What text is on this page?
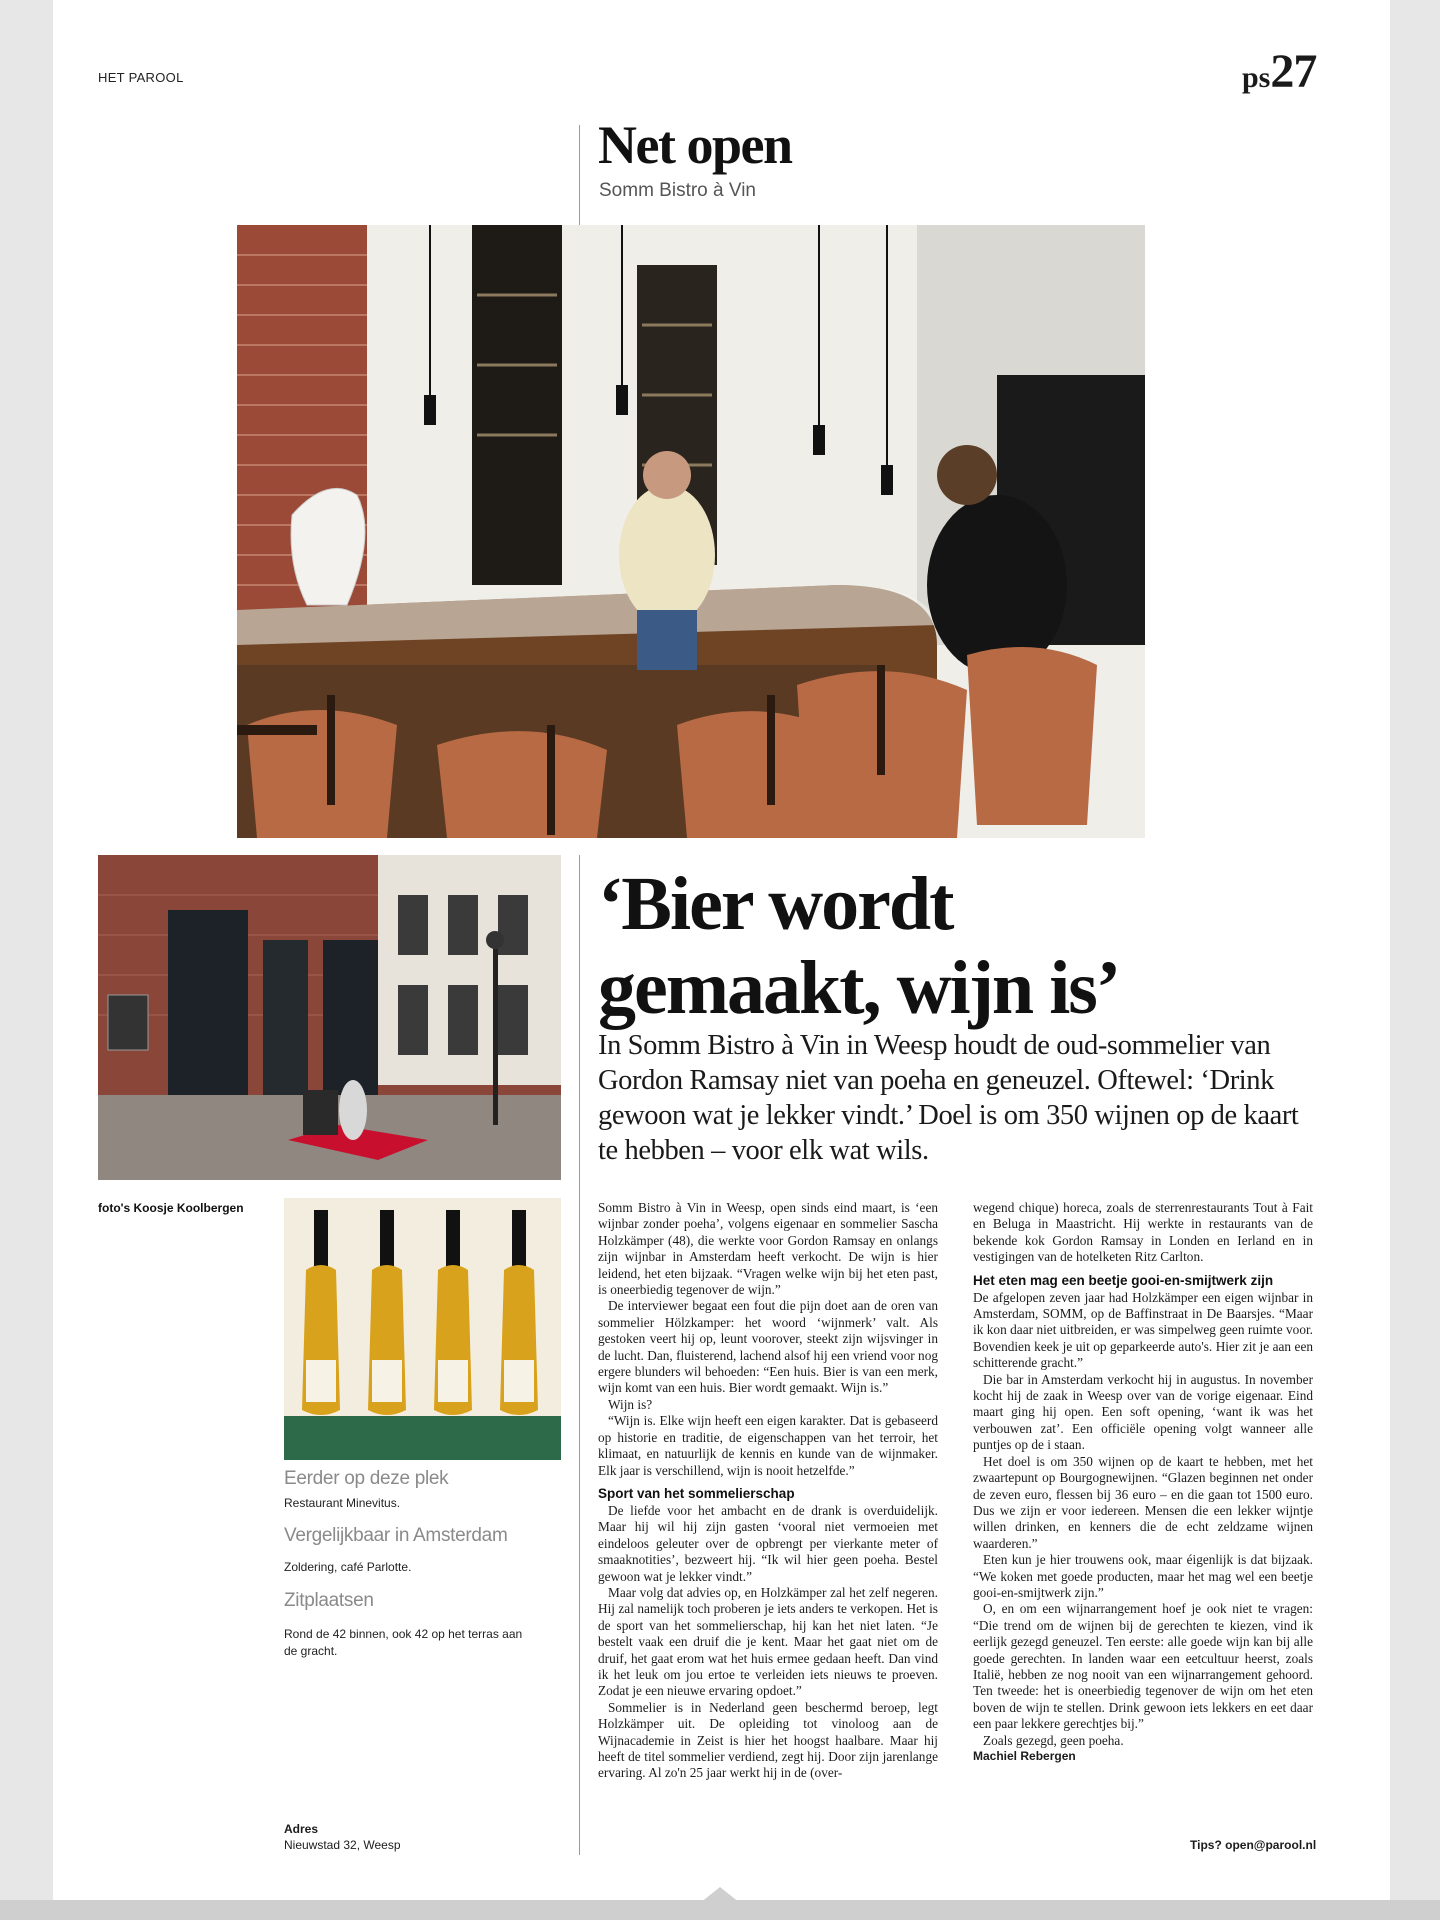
HET PAROOL	ps27
Net open
Somm Bistro à Vin
foto's Koosje Koolbergen
‘Bier wordt
gemaakt, wijn is’
In Somm Bistro à Vin in Weesp houdt de oud-sommelier van Gordon Ramsay niet van poeha en geneuzel. Oftewel: ‘Drink gewoon wat je lekker vindt.’ Doel is om 350 wijnen op de kaart te hebben – voor elk wat wils.
Eerder op deze plek
Restaurant Minevitus.
Vergelijkbaar in Amsterdam
Zoldering, café Parlotte.
Zitplaatsen
Rond de 42 binnen, ook 42 op het terras aan de gracht.
Adres
Nieuwstad 32, Weesp

Somm Bistro à Vin in Weesp, open sinds eind maart, is ‘een wijnbar zonder poeha’, volgens eigenaar en sommelier Sascha Holzkämper (48), die werkte voor Gordon Ramsay en onlangs zijn wijnbar in Amsterdam heeft verkocht. De wijn is hier leidend, het eten bijzaak. “Vragen welke wijn bij het eten past, is oneerbiedig tegenover de wijn.”

De interviewer begaat een fout die pijn doet aan de oren van sommelier Hölzkamper: het woord ‘wijnmerk’ valt. Als gestoken veert hij op, leunt voorover, steekt zijn wijsvinger in de lucht. Dan, fluisterend, lachend alsof hij een vriend voor nog ergere blunders wil behoeden: “Een huis. Bier is van een merk, wijn komt van een huis. Bier wordt gemaakt. Wijn is.”

Wijn is?

“Wijn is. Elke wijn heeft een eigen karakter. Dat is gebaseerd op historie en traditie, de eigenschappen van het terroir, het klimaat, en natuurlijk de kennis en kunde van de wijnmaker. Elk jaar is verschillend, wijn is nooit hetzelfde.”

Sport van het sommelierschap

De liefde voor het ambacht en de drank is overduidelijk. Maar hij wil hij zijn gasten ‘vooral niet vermoeien met eindeloos geleuter over de opbrengt per vierkante meter of smaaknotities’, bezweert hij. “Ik wil hier geen poeha. Bestel gewoon wat je lekker vindt.”

Maar volg dat advies op, en Holzkämper zal het zelf negeren. Hij zal namelijk toch proberen je iets anders te verkopen. Het is de sport van het sommelierschap, hij kan het niet laten. “Je bestelt vaak een druif die je kent. Maar het gaat niet om de druif, het gaat erom wat het huis ermee gedaan heeft. Dan vind ik het leuk om jou ertoe te verleiden iets nieuws te proeven. Zodat je een nieuwe ervaring opdoet.”

Sommelier is in Nederland geen beschermd beroep, legt Holzkämper uit. De opleiding tot vinoloog aan de Wijnacademie in Zeist is hier het hoogst haalbare. Maar hij heeft de titel sommelier verdiend, zegt hij. Door zijn jarenlange ervaring. Al zo'n 25 jaar werkt hij in de (over-

wegend chique) horeca, zoals de sterrenrestaurants Tout à Fait en Beluga in Maastricht. Hij werkte in restaurants van de bekende kok Gordon Ramsay in Londen en Ierland en in vestigingen van de hotelketen Ritz Carlton.

Het eten mag een beetje gooi-en-smijtwerk zijn

De afgelopen zeven jaar had Holzkämper een eigen wijnbar in Amsterdam, SOMM, op de Baffinstraat in De Baarsjes. “Maar ik kon daar niet uitbreiden, er was simpelweg geen ruimte voor. Bovendien keek je uit op geparkeerde auto's. Hier zit je aan een schitterende gracht.”

Die bar in Amsterdam verkocht hij in augustus. In november kocht hij de zaak in Weesp over van de vorige eigenaar. Eind maart ging hij open. Een soft opening, ‘want ik was het verbouwen zat’. Een officiële opening volgt wanneer alle puntjes op de i staan.

Het doel is om 350 wijnen op de kaart te hebben, met het zwaartepunt op Bourgognewijnen. “Glazen beginnen net onder de zeven euro, flessen bij 36 euro – en die gaan tot 1500 euro. Dus we zijn er voor iedereen. Mensen die een lekker wijntje willen drinken, en kenners die de echt zeldzame wijnen waarderen.”

Eten kun je hier trouwens ook, maar éigenlijk is dat bijzaak. “We koken met goede producten, maar het mag wel een beetje gooi-en-smijtwerk zijn.”

O, en om een wijnarrangement hoef je ook niet te vragen: “Die trend om de wijnen bij de gerechten te kiezen, vind ik eerlijk gezegd geneuzel. Ten eerste: alle goede wijn kan bij alle goede gerechten. In landen waar een eetcultuur heerst, zoals Italië, hebben ze nog nooit van een wijnarrangement gehoord. Ten tweede: het is oneerbiedig tegenover de wijn om het eten boven de wijn te stellen. Drink gewoon iets lekkers en eet daar een paar lekkere gerechtjes bij.”

Zoals gezegd, geen poeha.

Machiel Rebergen

Tips? open@parool.nl
